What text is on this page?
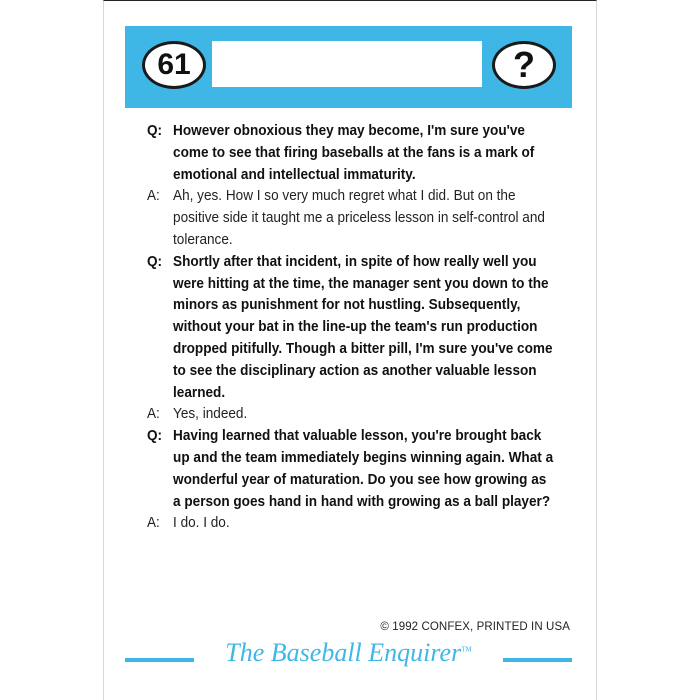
61	?
Q: However obnoxious they may become, I'm sure you've come to see that firing baseballs at the fans is a mark of emotional and intellectual immaturity.
A: Ah, yes. How I so very much regret what I did. But on the positive side it taught me a priceless lesson in self-control and tolerance.
Q: Shortly after that incident, in spite of how really well you were hitting at the time, the manager sent you down to the minors as punishment for not hustling. Subsequently, without your bat in the line-up the team's run production dropped pitifully. Though a bitter pill, I'm sure you've come to see the disciplinary action as another valuable lesson learned.
A: Yes, indeed.
Q: Having learned that valuable lesson, you're brought back up and the team immediately begins winning again. What a wonderful year of maturation. Do you see how growing as a person goes hand in hand with growing as a ball player?
A: I do. I do.
© 1992 CONFEX, PRINTED IN USA
The Baseball Enquirer™
